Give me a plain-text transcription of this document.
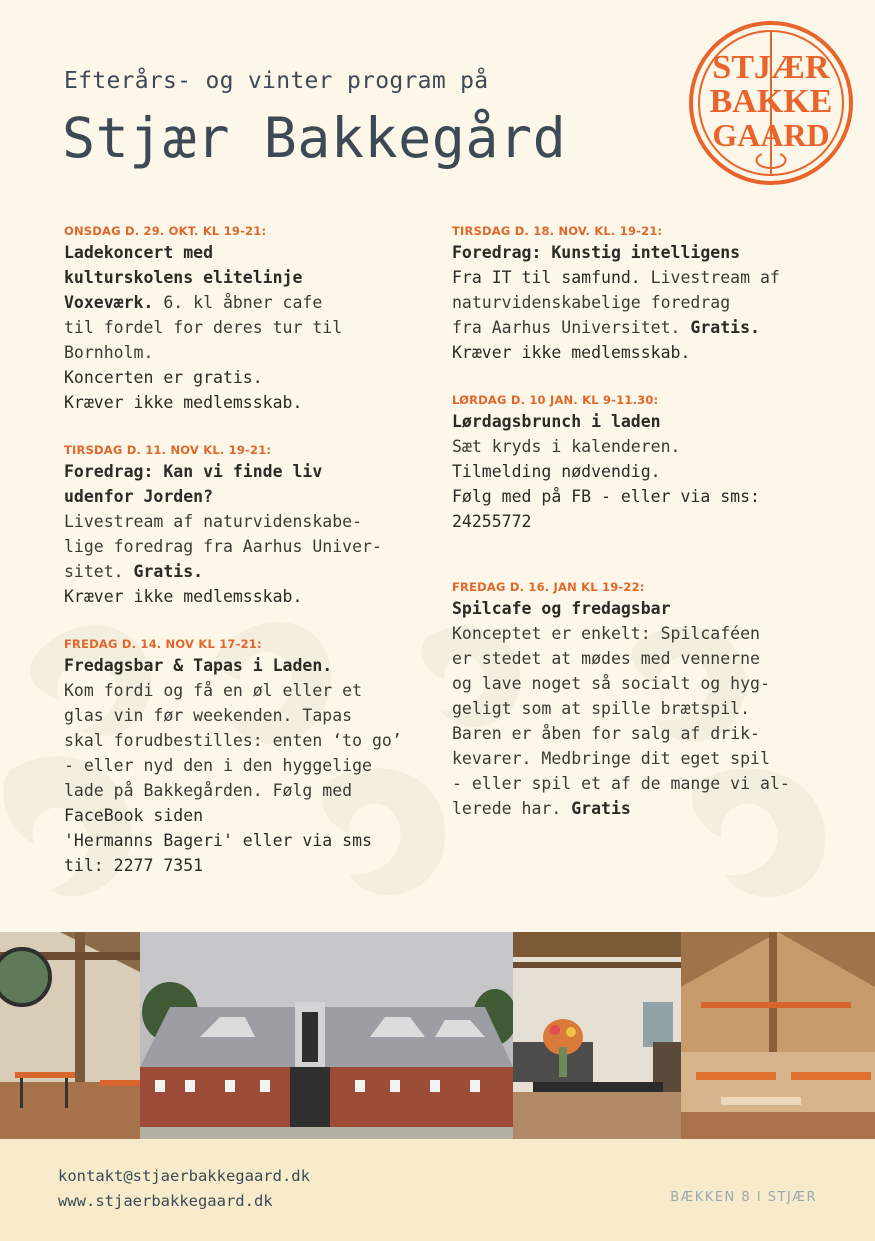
Efterårs- og vinter program på
Stjær Bakkegård
STJÆR
BAKKE
GAARD
ONSDAG D. 29. OKT. KL 19-21:
Ladekoncert med
kulturskolens elitelinje
Voxeværk. 6. kl åbner cafe
til fordel for deres tur til
Bornholm.
Koncerten er gratis.
Kræver ikke medlemsskab.
TIRSDAG D. 11. NOV KL. 19-21:
Foredrag: Kan vi finde liv
udenfor Jorden?
Livestream af naturvidenskabe-
lige foredrag fra Aarhus Univer-
sitet. Gratis.
Kræver ikke medlemsskab.
FREDAG D. 14. NOV KL 17-21:
Fredagsbar & Tapas i Laden.
Kom fordi og få en øl eller et
glas vin før weekenden. Tapas
skal forudbestilles: enten ‘to go’
- eller nyd den i den hyggelige
lade på Bakkegården. Følg med
FaceBook siden
'Hermanns Bageri' eller via sms
til: 2277 7351
TIRSDAG D. 18. NOV. KL. 19-21:
Foredrag: Kunstig intelligens
Fra IT til samfund. Livestream af
naturvidenskabelige foredrag
fra Aarhus Universitet. Gratis.
Kræver ikke medlemsskab.
LØRDAG D. 10 JAN. KL 9-11.30:
Lørdagsbrunch i laden
Sæt kryds i kalenderen.
Tilmelding nødvendig.
Følg med på FB - eller via sms:
24255772
FREDAG D. 16. JAN KL 19-22:
Spilcafe og fredagsbar
Konceptet er enkelt: Spilcaféen
er stedet at mødes med vennerne
og lave noget så socialt og hyg-
geligt som at spille brætspil.
Baren er åben for salg af drik-
kevarer. Medbringe dit eget spil
- eller spil et af de mange vi al-
lerede har. Gratis
kontakt@stjaerbakkegaard.dk
www.stjaerbakkegaard.dk	BÆKKEN 8 I STJÆR
